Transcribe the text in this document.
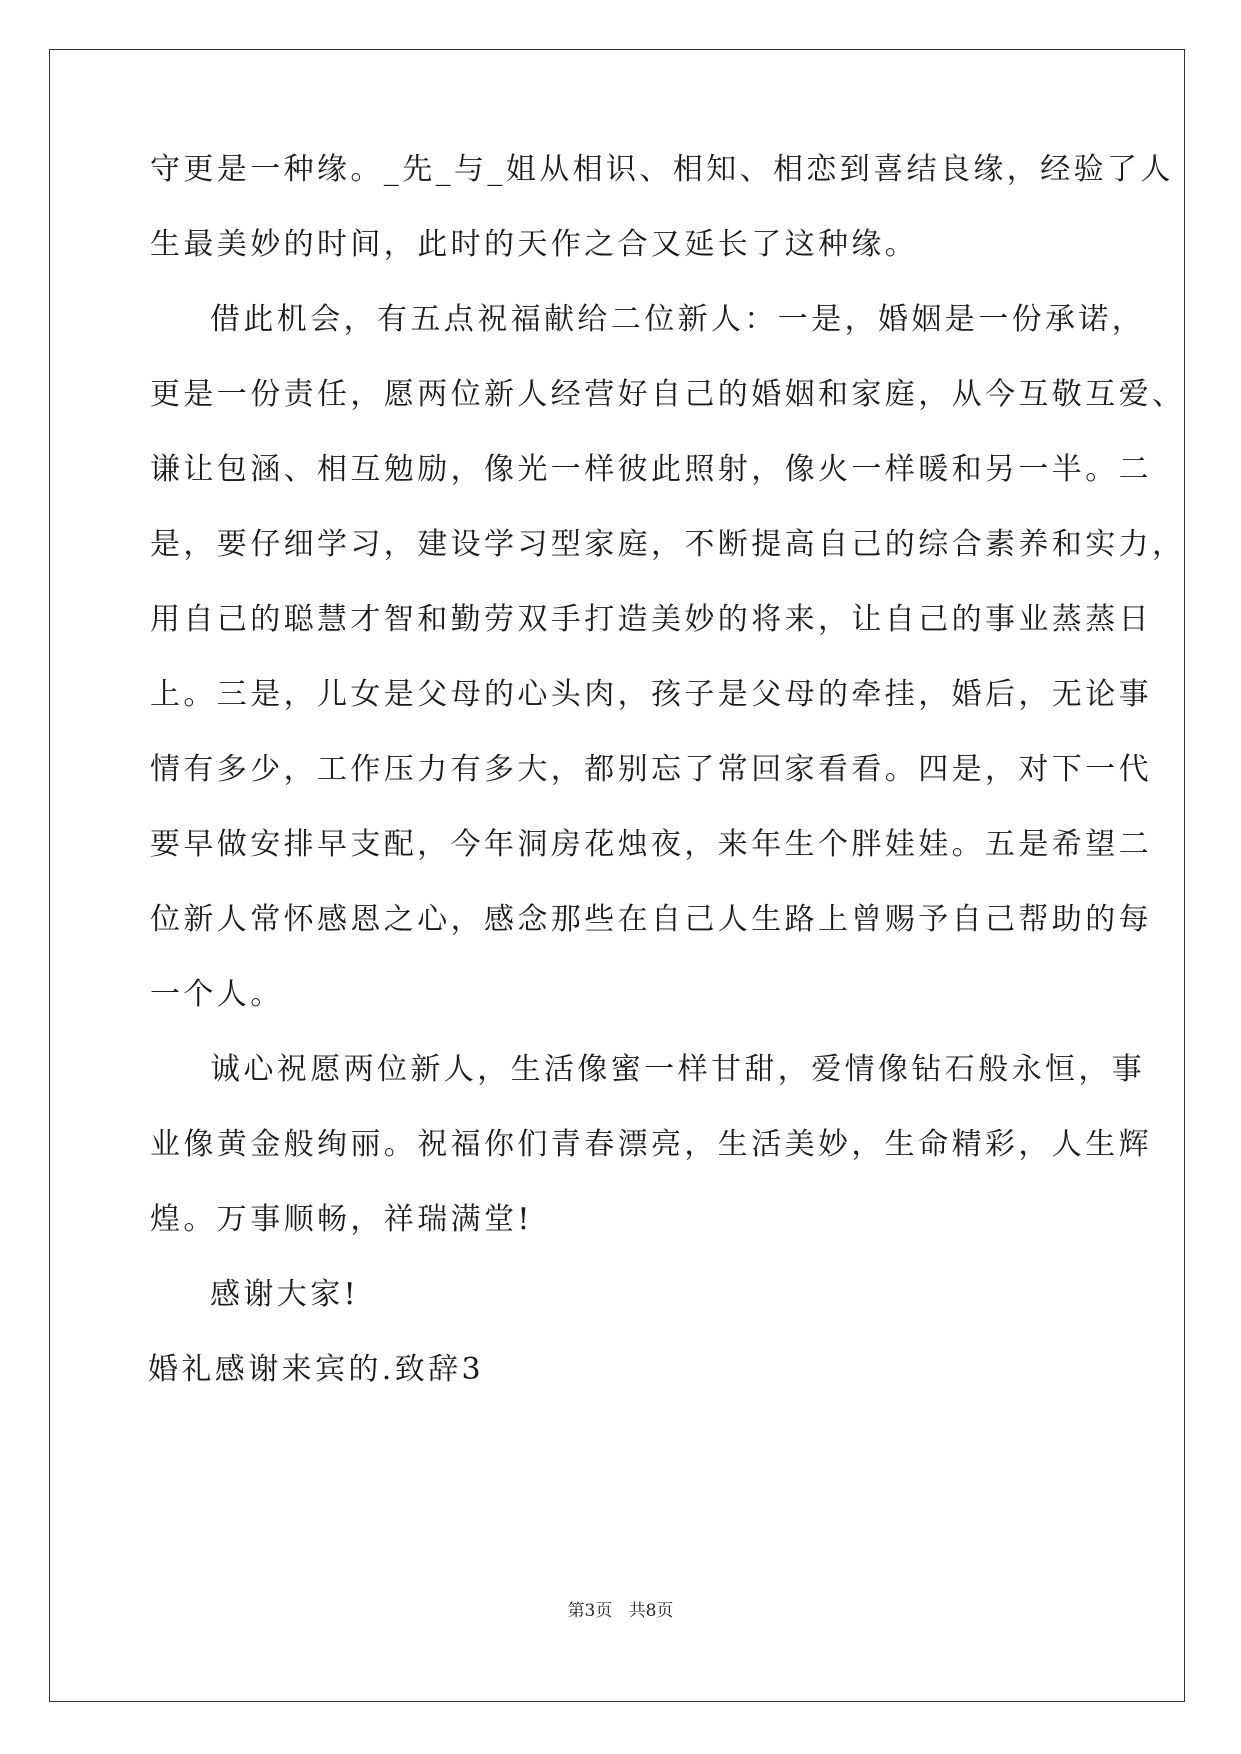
守更是一种缘。_先_与_姐从相识、相知、相恋到喜结良缘，经验了人
生最美妙的时间，此时的天作之合又延长了这种缘。
借此机会，有五点祝福献给二位新人：一是，婚姻是一份承诺，
更是一份责任，愿两位新人经营好自己的婚姻和家庭，从今互敬互爱、
谦让包涵、相互勉励，像光一样彼此照射，像火一样暖和另一半。二
是，要仔细学习，建设学习型家庭，不断提高自己的综合素养和实力，
用自己的聪慧才智和勤劳双手打造美妙的将来，让自己的事业蒸蒸日
上。三是，儿女是父母的心头肉，孩子是父母的牵挂，婚后，无论事
情有多少，工作压力有多大，都别忘了常回家看看。四是，对下一代
要早做安排早支配，今年洞房花烛夜，来年生个胖娃娃。五是希望二
位新人常怀感恩之心，感念那些在自己人生路上曾赐予自己帮助的每
一个人。
诚心祝愿两位新人，生活像蜜一样甘甜，爱情像钻石般永恒，事
业像黄金般绚丽。祝福你们青春漂亮，生活美妙，生命精彩，人生辉
煌。万事顺畅，祥瑞满堂!
感谢大家!
婚礼感谢来宾的.致辞3
第3页 共8页
